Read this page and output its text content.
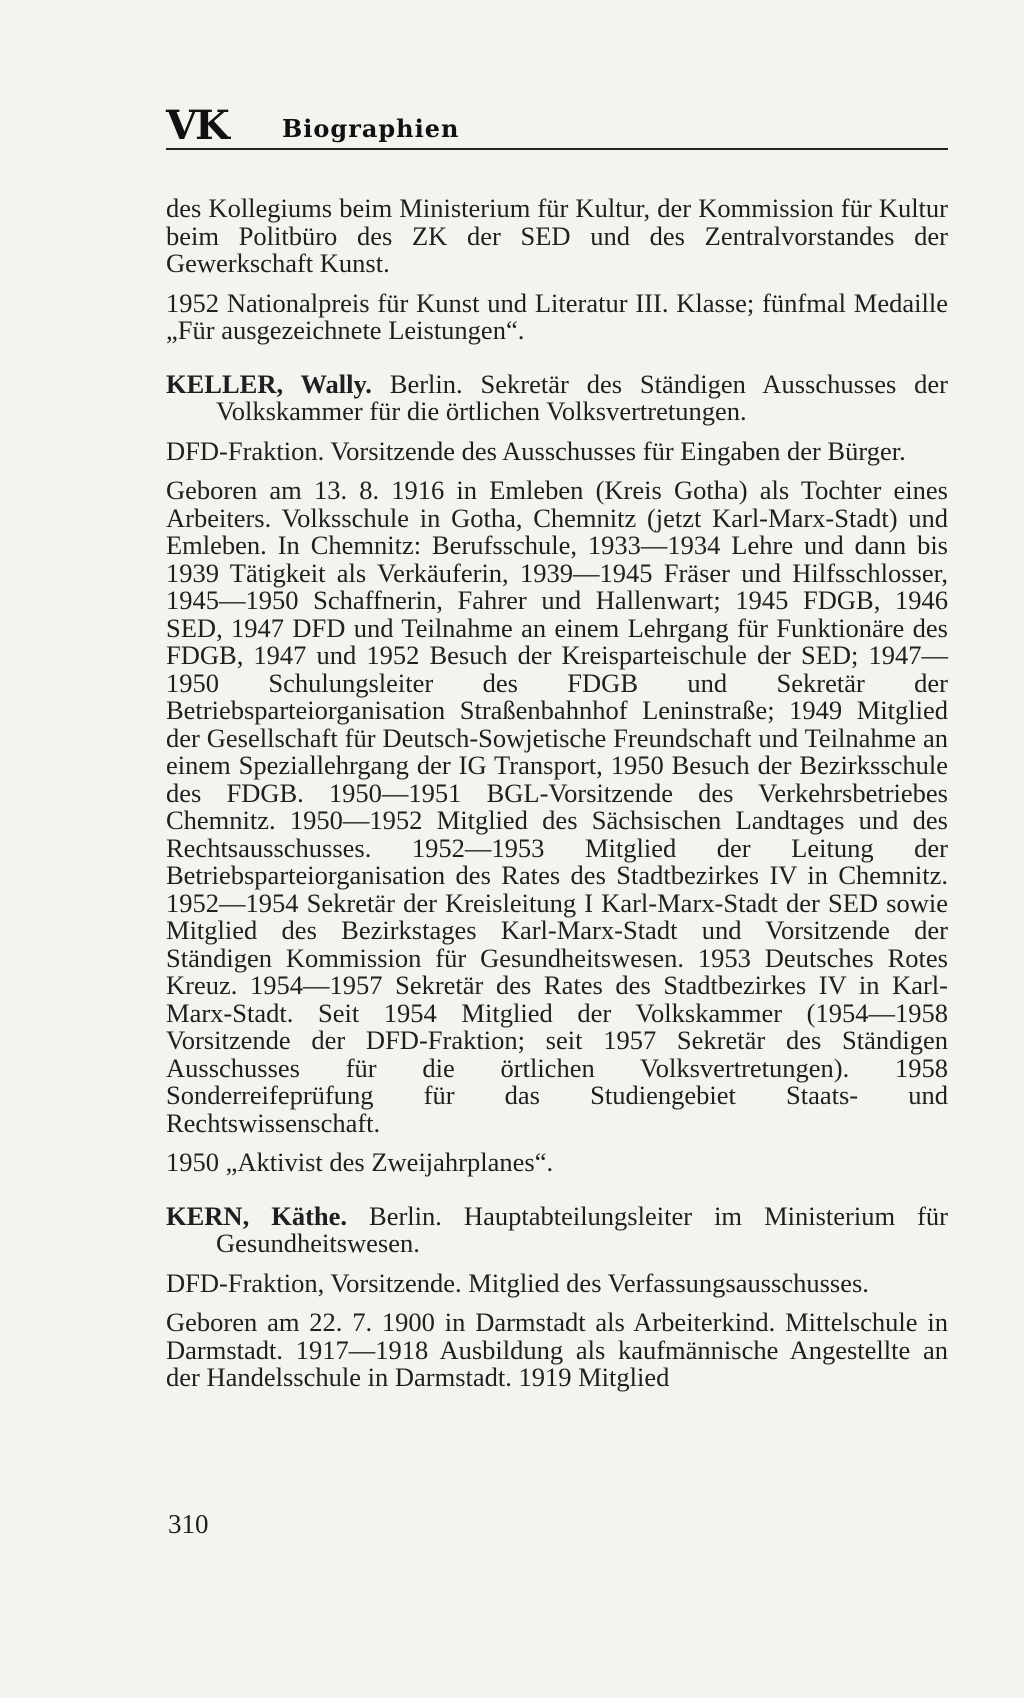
VK Biographien

des Kollegiums beim Ministerium für Kultur, der Kommission für Kultur beim Politbüro des ZK der SED und des Zentralvorstandes der Gewerkschaft Kunst.

1952 Nationalpreis für Kunst und Literatur III. Klasse; fünfmal Medaille „Für ausgezeichnete Leistungen“.

KELLER, Wally. Berlin. Sekretär des Ständigen Ausschusses der Volkskammer für die örtlichen Volksvertretungen.

DFD-Fraktion. Vorsitzende des Ausschusses für Eingaben der Bürger.

Geboren am 13. 8. 1916 in Emleben (Kreis Gotha) als Tochter eines Arbeiters. Volksschule in Gotha, Chemnitz (jetzt Karl-Marx-Stadt) und Emleben. In Chemnitz: Berufsschule, 1933—1934 Lehre und dann bis 1939 Tätigkeit als Verkäuferin, 1939—1945 Fräser und Hilfsschlosser, 1945—1950 Schaffnerin, Fahrer und Hallenwart; 1945 FDGB, 1946 SED, 1947 DFD und Teilnahme an einem Lehrgang für Funktionäre des FDGB, 1947 und 1952 Besuch der Kreisparteischule der SED; 1947—1950 Schulungsleiter des FDGB und Sekretär der Betriebsparteiorganisation Straßenbahnhof Leninstraße; 1949 Mitglied der Gesellschaft für Deutsch-Sowjetische Freundschaft und Teilnahme an einem Speziallehrgang der IG Transport, 1950 Besuch der Bezirksschule des FDGB. 1950—1951 BGL-Vorsitzende des Verkehrsbetriebes Chemnitz. 1950—1952 Mitglied des Sächsischen Landtages und des Rechtsausschusses. 1952—1953 Mitglied der Leitung der Betriebsparteiorganisation des Rates des Stadtbezirkes IV in Chemnitz. 1952—1954 Sekretär der Kreisleitung I Karl-Marx-Stadt der SED sowie Mitglied des Bezirkstages Karl-Marx-Stadt und Vorsitzende der Ständigen Kommission für Gesundheitswesen. 1953 Deutsches Rotes Kreuz. 1954—1957 Sekretär des Rates des Stadtbezirkes IV in Karl-Marx-Stadt. Seit 1954 Mitglied der Volkskammer (1954—1958 Vorsitzende der DFD-Fraktion; seit 1957 Sekretär des Ständigen Ausschusses für die örtlichen Volksvertretungen). 1958 Sonderreifeprüfung für das Studiengebiet Staats- und Rechtswissenschaft.

1950 „Aktivist des Zweijahrplanes“.

KERN, Käthe. Berlin. Hauptabteilungsleiter im Ministerium für Gesundheitswesen.

DFD-Fraktion, Vorsitzende. Mitglied des Verfassungsausschusses.

Geboren am 22. 7. 1900 in Darmstadt als Arbeiterkind. Mittelschule in Darmstadt. 1917—1918 Ausbildung als kaufmännische Angestellte an der Handelsschule in Darmstadt. 1919 Mitglied

310
